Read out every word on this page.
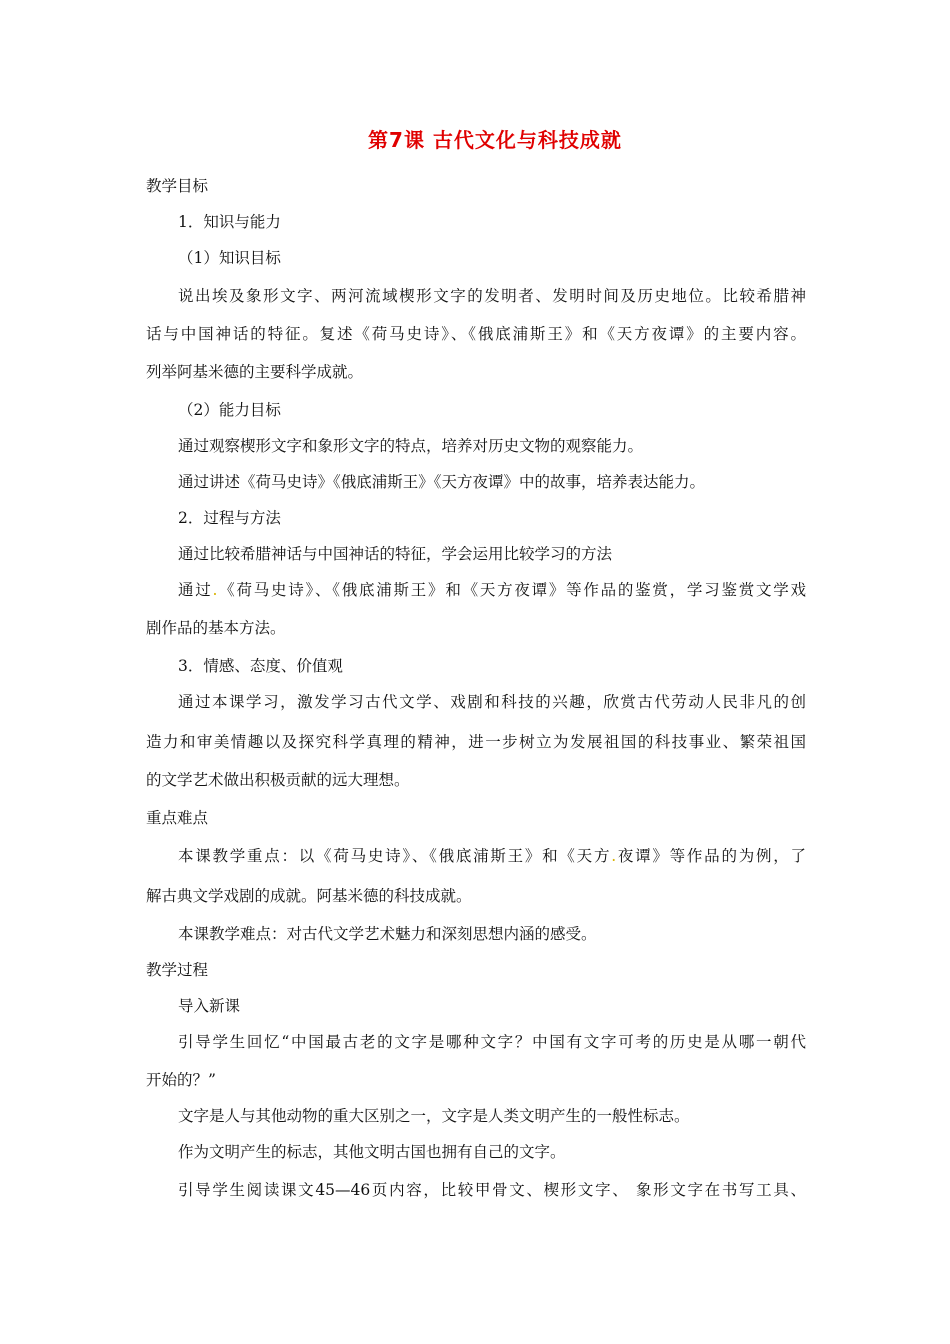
第7课 古代文化与科技成就
教学目标
1．知识与能力
（1）知识目标
说出埃及象形文字、两河流域楔形文字的发明者、发明时间及历史地位。比较希腊神
话与中国神话的特征。复述《荷马史诗》、《俄底浦斯王》和《天方夜谭》的主要内容。
列举阿基米德的主要科学成就。
（2）能力目标
通过观察楔形文字和象形文字的特点，培养对历史文物的观察能力。
通过讲述《荷马史诗》《俄底浦斯王》《天方夜谭》中的故事，培养表达能力。
2．过程与方法
通过比较希腊神话与中国神话的特征，学会运用比较学习的方法
通过.《荷马史诗》、《俄底浦斯王》和《天方夜谭》等作品的鉴赏，学习鉴赏文学戏
剧作品的基本方法。
3．情感、态度、价值观
通过本课学习，激发学习古代文学、戏剧和科技的兴趣，欣赏古代劳动人民非凡的创
造力和审美情趣以及探究科学真理的精神，进一步树立为发展祖国的科技事业、繁荣祖国
的文学艺术做出积极贡献的远大理想。
重点难点
本课教学重点：以《荷马史诗》、《俄底浦斯王》和《天方.夜谭》等作品的为例，了
解古典文学戏剧的成就。阿基米德的科技成就。
本课教学难点：对古代文学艺术魅力和深刻思想内涵的感受。
教学过程
导入新课
引导学生回忆“中国最古老的文字是哪种文字？中国有文字可考的历史是从哪一朝代
开始的？”
文字是人与其他动物的重大区别之一，文字是人类文明产生的一般性标志。
作为文明产生的标志，其他文明古国也拥有自己的文字。
引导学生阅读课文45—46页内容，比较甲骨文、楔形文字、 象形文字在书写工具、
